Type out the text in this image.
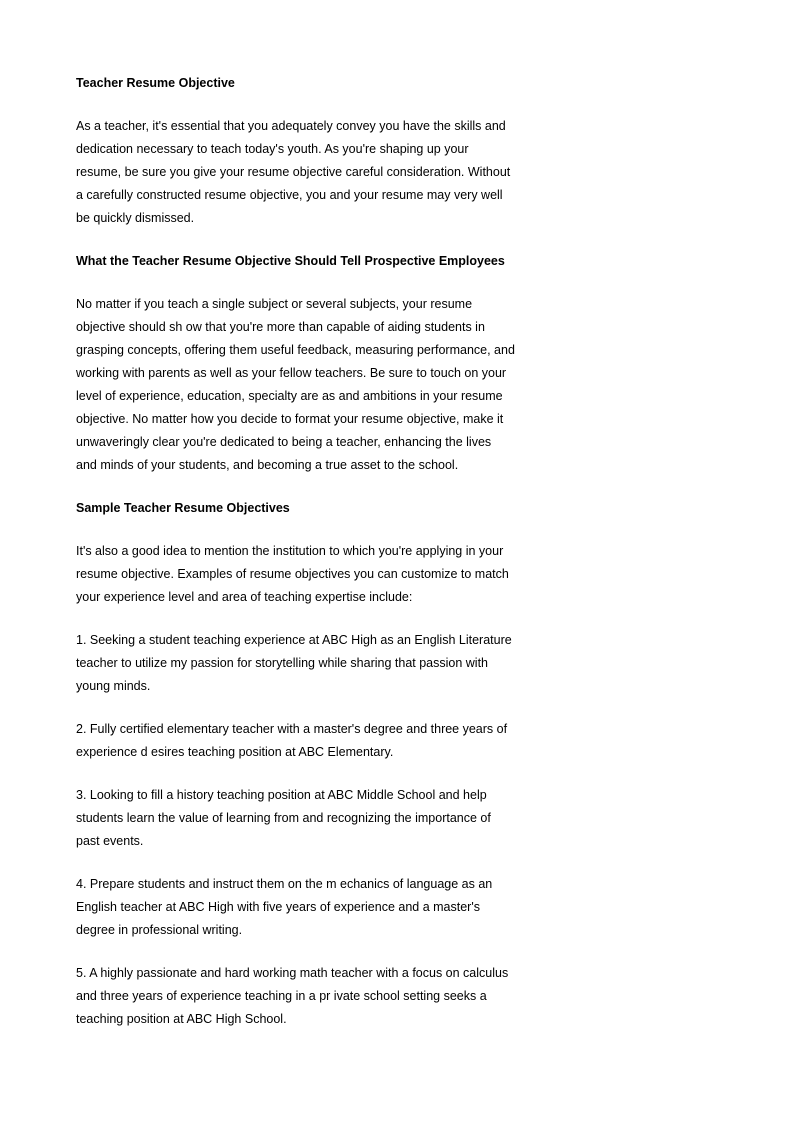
Teacher Resume Objective

As a teacher, it's essential that you adequately convey you have the skills and
dedication necessary to teach today's youth. As you're shaping up your
resume, be sure you give your resume objective careful consideration. Without
a carefully constructed resume objective, you and your resume may very well
be quickly dismissed.

What the Teacher Resume Objective Should Tell Prospective Employees

No matter if you teach a single subject or several subjects, your resume
objective should sh ow that you're more than capable of aiding students in
grasping concepts, offering them useful feedback, measuring performance, and
working with parents as well as your fellow teachers. Be sure to touch on your
level of experience, education, specialty are as and ambitions in your resume
objective. No matter how you decide to format your resume objective, make it
unwaveringly clear you're dedicated to being a teacher, enhancing the lives
and minds of your students, and becoming a true asset to the school.

Sample Teacher Resume Objectives

It's also a good idea to mention the institution to which you're applying in your
resume objective. Examples of resume objectives you can customize to match
your experience level and area of teaching expertise include:

1. Seeking a student teaching experience at ABC High as an English Literature
teacher to utilize my passion for storytelling while sharing that passion with
young minds.

2. Fully certified elementary teacher with a master's degree and three years of
experience d esires teaching position at ABC Elementary.

3. Looking to fill a history teaching position at ABC Middle School and help
students learn the value of learning from and recognizing the importance of
past events.

4. Prepare students and instruct them on the m echanics of language as an
English teacher at ABC High with five years of experience and a master's
degree in professional writing.

5. A highly passionate and hard working math teacher with a focus on calculus
and three years of experience teaching in a pr ivate school setting seeks a
teaching position at ABC High School.
